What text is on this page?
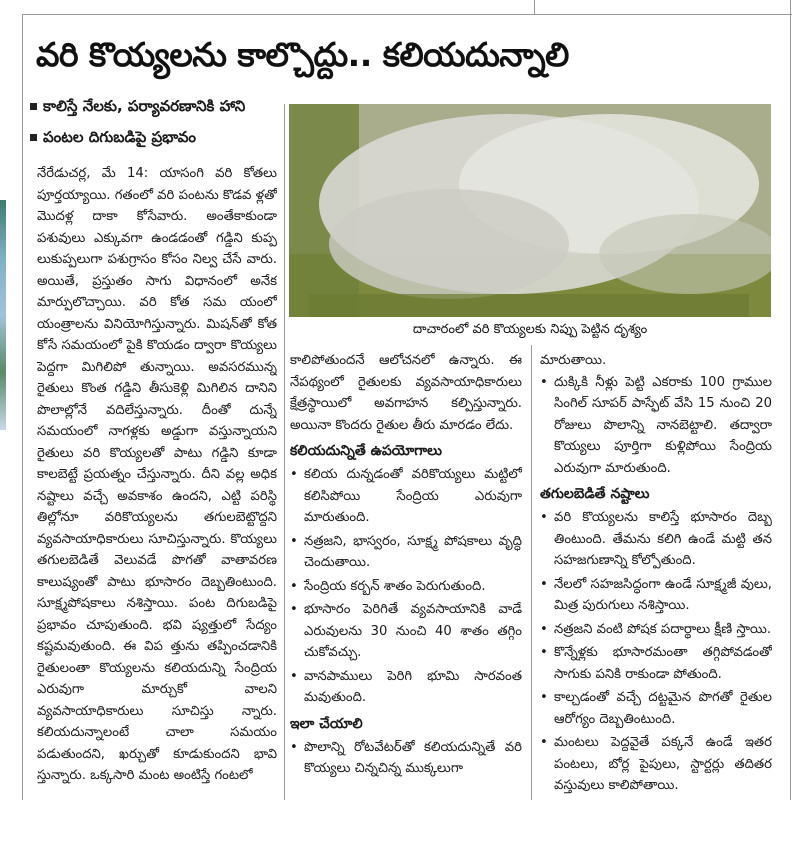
వరి కొయ్యలను కాల్చొద్దు.. కలియదున్నాలి
కాలిస్తే నేలకు, పర్యావరణానికి హాని
పంటల దిగుబడిపై ప్రభావం

నేరేడుచర్ల, మే 14: యాసంగి వరి కోతలు పూర్తయ్యాయి. గతంలో వరి పంటను కొడవ ళ్లతో మొదళ్ల దాకా కోసేవారు. అంతేకాకుండా పశువులు ఎక్కువగా ఉండడంతో గడ్డిని కుప్ప లుకుప్పలుగా పశుగ్రాసం కోసం నిల్వ చేసే వారు. అయితే, ప్రస్తుతం సాగు విధానంలో అనేక మార్పులొచ్చాయి. వరి కోత సమ యంలో యంత్రాలను వినియోగిస్తున్నారు. మిషన్‌తో కోత కోసే సమయంలో పైకి కొయడం ద్వారా కొయ్యలు పెద్దగా మిగిలిపో తున్నాయి. అవసరమున్న రైతులు కొంత గడ్డిని తీసుకెళ్లి మిగిలిన దానిని పొలాల్లోనే వదిలేస్తున్నారు. దీంతో దున్నే సమయంలో నాగళ్లకు అడ్డుగా వస్తున్నాయని రైతులు వరి కొయ్యలతో పాటు గడ్డిని కూడా కాలబెట్టే ప్రయత్నం చేస్తున్నారు. దీని వల్ల అధిక నష్టాలు వచ్చే అవకాశం ఉందని, ఎట్టి పరిస్థి తిల్లోనూ వరికొయ్యలను తగులబెట్టొద్దని వ్యవసాయాధికారులు సూచిస్తున్నారు. కొయ్యలు తగులబెడితే వెలువడే పొగతో వాతావరణ కాలుష్యంతో పాటు భూసారం దెబ్బతింటుంది. సూక్ష్మపోషకాలు నశిస్తాయి. పంట దిగుబడిపై ప్రభావం చూపుతుంది. భవి ష్యత్తులో సేద్యం కష్టమవుతుంది. ఈ విప త్తును తప్పించడానికి రైతులంతా కొయ్యలను కలియదున్ని సేంద్రియ ఎరువుగా మార్చుకో వాలని వ్యవసాయాధికారులు సూచిస్తు న్నారు. కలియదున్నాలంటే చాలా సమయం పడుతుందని, ఖర్చుతో కూడుకుందని భావి స్తున్నారు. ఒక్కసారి మంట అంటిస్తే గంటలో

దాచారంలో వరి కొయ్యలకు నిప్పు పెట్టిన దృశ్యం

కాలిపోతుందనే ఆలోచనలో ఉన్నారు. ఈ నేపథ్యంలో రైతులకు వ్యవసాయాధికారులు క్షేత్రస్థాయిలో అవగాహన కల్పిస్తున్నారు. అయినా కొందరు రైతుల తీరు మారడం లేదు.

కలియదున్నితే ఉపయోగాలు
• కలియ దున్నడంతో వరికొయ్యలు మట్టిలో కలిసిపోయి సేంద్రియ ఎరువుగా మారుతుంది.
• నత్రజని, భాస్వరం, సూక్ష్మ పోషకాలు వృద్ధి చెందుతాయి.
• సేంద్రియ కర్బన్ శాతం పెరుగుతుంది.
• భూసారం పెరిగితే వ్యవసాయానికి వాడే ఎరువులను 30 నుంచి 40 శాతం తగ్గిం చుకోవచ్చు.
• వానపాములు పెరిగి భూమి సారవంత మవుతుంది.
ఇలా చేయాలి
• పొలాన్ని రోటవేటర్‌తో కలియదున్నితే వరి కొయ్యలు చిన్నచిన్న ముక్కలుగా

మారుతాయి.

• దుక్కికి నీళ్లు పెట్టి ఎకరాకు 100 గ్రాముల సింగిల్ సూపర్ పాస్ఫేట్ వేసి 15 నుంచి 20 రోజులు పొలాన్ని నానబెట్టాలి. తద్వారా కొయ్యలు పూర్తిగా కుళ్లిపోయి సేంద్రియ ఎరువుగా మారుతుంది.
తగులబెడితే నష్టాలు
• వరి కొయ్యలను కాలిస్తే భూసారం దెబ్బ తింటుంది. తేమను కలిగి ఉండే మట్టి తన సహజగుణాన్ని కోల్పోతుంది.
• నేలలో సహజసిద్ధంగా ఉండే సూక్ష్మజీ వులు, మిత్ర పురుగులు నశిస్తాయి.
• నత్రజని వంటి పోషక పదార్థాలు క్షీణి స్తాయి.
• కొన్నేళ్లకు భూసారమంతా తగ్గిపోవడంతో సాగుకు పనికి రాకుండా పోతుంది.
• కాల్చడంతో వచ్చే దట్టమైన పొగతో రైతుల ఆరోగ్యం దెబ్బతింటుంది.
• మంటలు పెద్దవైతే పక్కనే ఉండే ఇతర పంటలు, బోర్ల పైపులు, స్టార్టర్లు తదితర వస్తువులు కాలిపోతాయి.
